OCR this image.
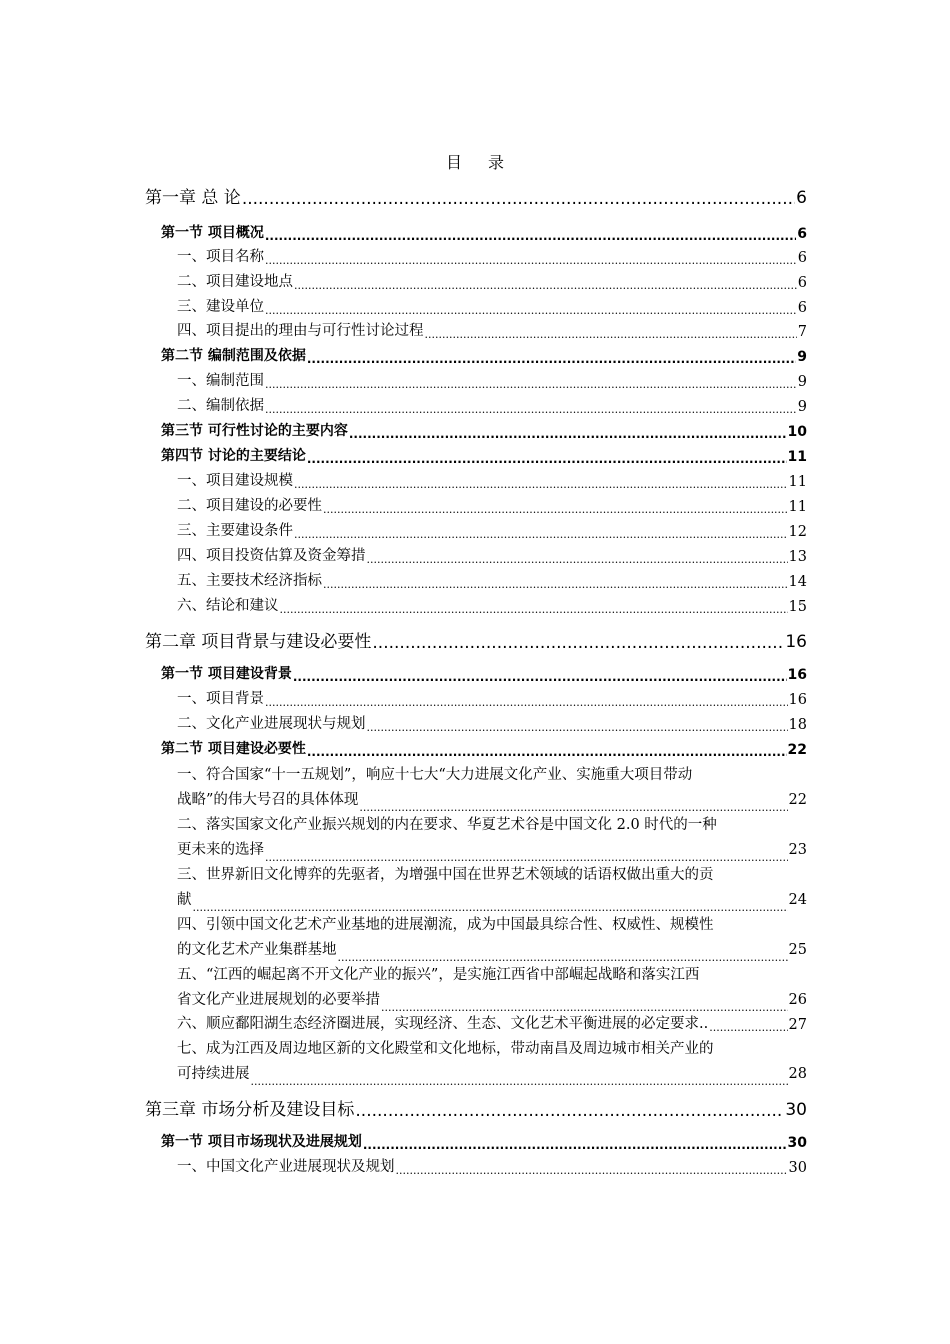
目 录
第一章 总 论 .....	6
第一节 项目概况 .....	6
一、项目名称 .....	6
二、项目建设地点 .....	6
三、建设单位 .....	6
四、项目提出的理由与可行性讨论过程 .....	7
第二节 编制范围及依据 .....	9
一、编制范围 .....	9
二、编制依据 .....	9
第三节 可行性讨论的主要内容 .....	10
第四节 讨论的主要结论 .....	11
一、项目建设规模 .....	11
二、项目建设的必要性 .....	11
三、主要建设条件 .....	12
四、项目投资估算及资金筹措 .....	13
五、主要技术经济指标 .....	14
六、结论和建议 .....	15
第二章 项目背景与建设必要性 .....	16
第一节 项目建设背景 .....	16
一、项目背景 .....	16
二、文化产业进展现状与规划 .....	18
第二节 项目建设必要性 .....	22
一、符合国家“十一五规划”，响应十七大“大力进展文化产业、实施重大项目带动
战略”的伟大号召的具体体现 .....	22
二、落实国家文化产业振兴规划的内在要求、华夏艺术谷是中国文化 2.0 时代的一种
更未来的选择 .....	23
三、世界新旧文化博弈的先驱者，为增强中国在世界艺术领域的话语权做出重大的贡
献 .....	24
四、引领中国文化艺术产业基地的进展潮流，成为中国最具综合性、权威性、规模性
的文化艺术产业集群基地 .....	25
五、“江西的崛起离不开文化产业的振兴”，是实施江西省中部崛起战略和落实江西
省文化产业进展规划的必要举措 .....	26
六、顺应鄱阳湖生态经济圈进展，实现经济、生态、文化艺术平衡进展的必定要求.. .....	27
七、成为江西及周边地区新的文化殿堂和文化地标，带动南昌及周边城市相关产业的
可持续进展 .....	28
第三章 市场分析及建设目标 .....	30
第一节 项目市场现状及进展规划 .....	30
一、中国文化产业进展现状及规划 .....	30
